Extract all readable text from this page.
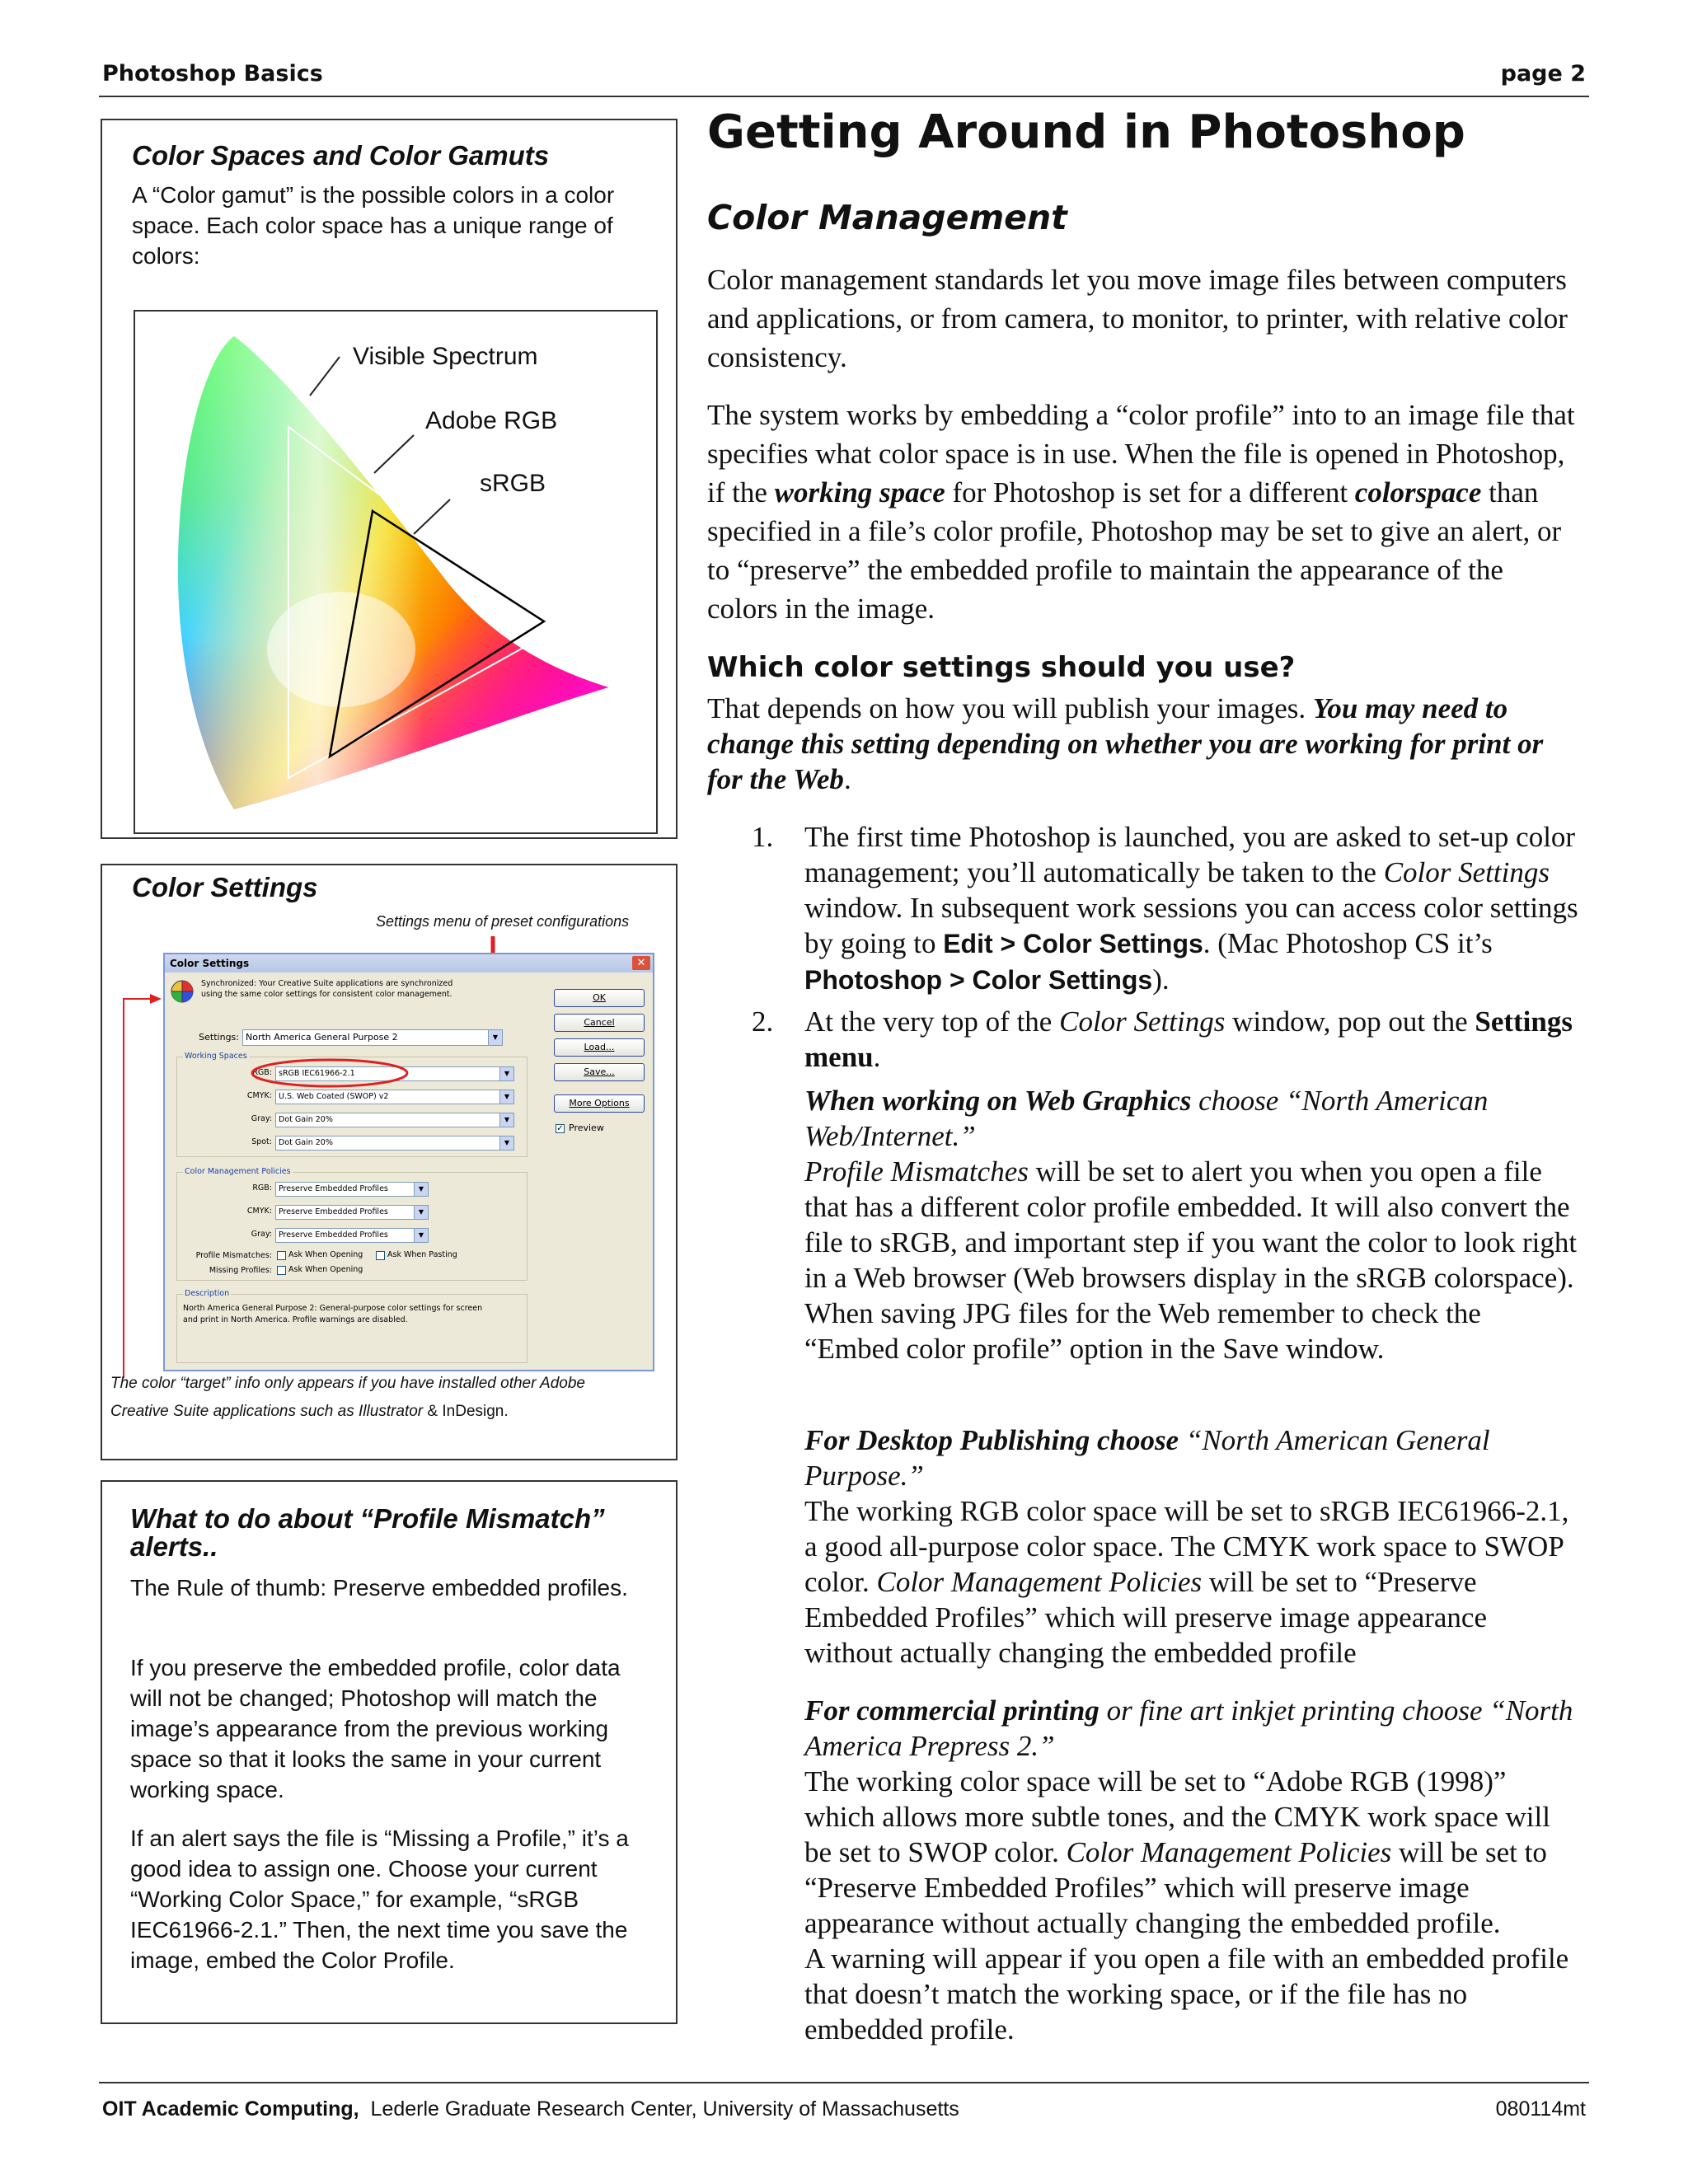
Photoshop Basics	page 2
Color Spaces and Color Gamuts
A “Color gamut” is the possible colors in a color space. Each color space has a unique range of colors:
Visible Spectrum
Adobe RGB
sRGB
Color Settings
Settings menu of preset configurations
Color Settings	✕
Synchronized: Your Creative Suite applications are synchronized
using the same color settings for consistent color management.
Settings: North America General Purpose 2	▼
OK
Cancel
Load...
Save...
More Options
✓ Preview
Working Spaces
RGB: sRGB IEC61966-2.1	▼
CMYK: U.S. Web Coated (SWOP) v2	▼
Gray: Dot Gain 20%	▼
Spot: Dot Gain 20%	▼
Color Management Policies
RGB: Preserve Embedded Profiles	▼
CMYK: Preserve Embedded Profiles	▼
Gray: Preserve Embedded Profiles	▼
Profile Mismatches: Ask When Opening	Ask When Pasting
Missing Profiles: Ask When Opening
Description
North America General Purpose 2: General-purpose color settings for screen
and print in North America. Profile warnings are disabled.
The color “target” info only appears if you have installed other Adobe
Creative Suite applications such as Illustrator & InDesign.
What to do about “Profile Mismatch” alerts..
The Rule of thumb: Preserve embedded profiles.
If you preserve the embedded profile, color data will not be changed; Photoshop will match the image’s appearance from the previous working space so that it looks the same in your current working space.
If an alert says the file is “Missing a Profile,” it’s a good idea to assign one. Choose your current “Working Color Space,” for example, “sRGB IEC61966-2.1.” Then, the next time you save the image, embed the Color Profile.
Getting Around in Photoshop
Color Management
Color management standards let you move image files between computers and applications, or from camera, to monitor, to printer, with relative color consistency.
The system works by embedding a “color profile” into to an image file that specifies what color space is in use. When the file is opened in Photoshop, if the working space for Photoshop is set for a different colorspace than specified in a file’s color profile, Photoshop may be set to give an alert, or to “preserve” the embedded profile to maintain the appearance of the colors in the image.
Which color settings should you use?
That depends on how you will publish your images. You may need to change this setting depending on whether you are working for print or for the Web.
1. The first time Photoshop is launched, you are asked to set-up color management; you’ll automatically be taken to the Color Settings window. In subsequent work sessions you can access color settings by going to Edit > Color Settings. (Mac Photoshop CS it’s Photoshop > Color Settings).
2. At the very top of the Color Settings window, pop out the Settings menu.
When working on Web Graphics choose “North American Web/Internet.”
Profile Mismatches will be set to alert you when you open a file that has a different color profile embedded. It will also convert the file to sRGB, and important step if you want the color to look right in a Web browser (Web browsers display in the sRGB colorspace). When saving JPG files for the Web remember to check the “Embed color profile” option in the Save window.
For Desktop Publishing choose “North American General Purpose.”
The working RGB color space will be set to sRGB IEC61966-2.1, a good all-purpose color space. The CMYK work space to SWOP color. Color Management Policies will be set to “Preserve Embedded Profiles” which will preserve image appearance without actually changing the embedded profile
For commercial printing or fine art inkjet printing choose “North America Prepress 2.”
The working color space will be set to “Adobe RGB (1998)” which allows more subtle tones, and the CMYK work space will be set to SWOP color. Color Management Policies will be set to “Preserve Embedded Profiles” which will preserve image appearance without actually changing the embedded profile.
A warning will appear if you open a file with an embedded profile that doesn’t match the working space, or if the file has no embedded profile.
OIT Academic Computing, Lederle Graduate Research Center, University of Massachusetts	080114mt
